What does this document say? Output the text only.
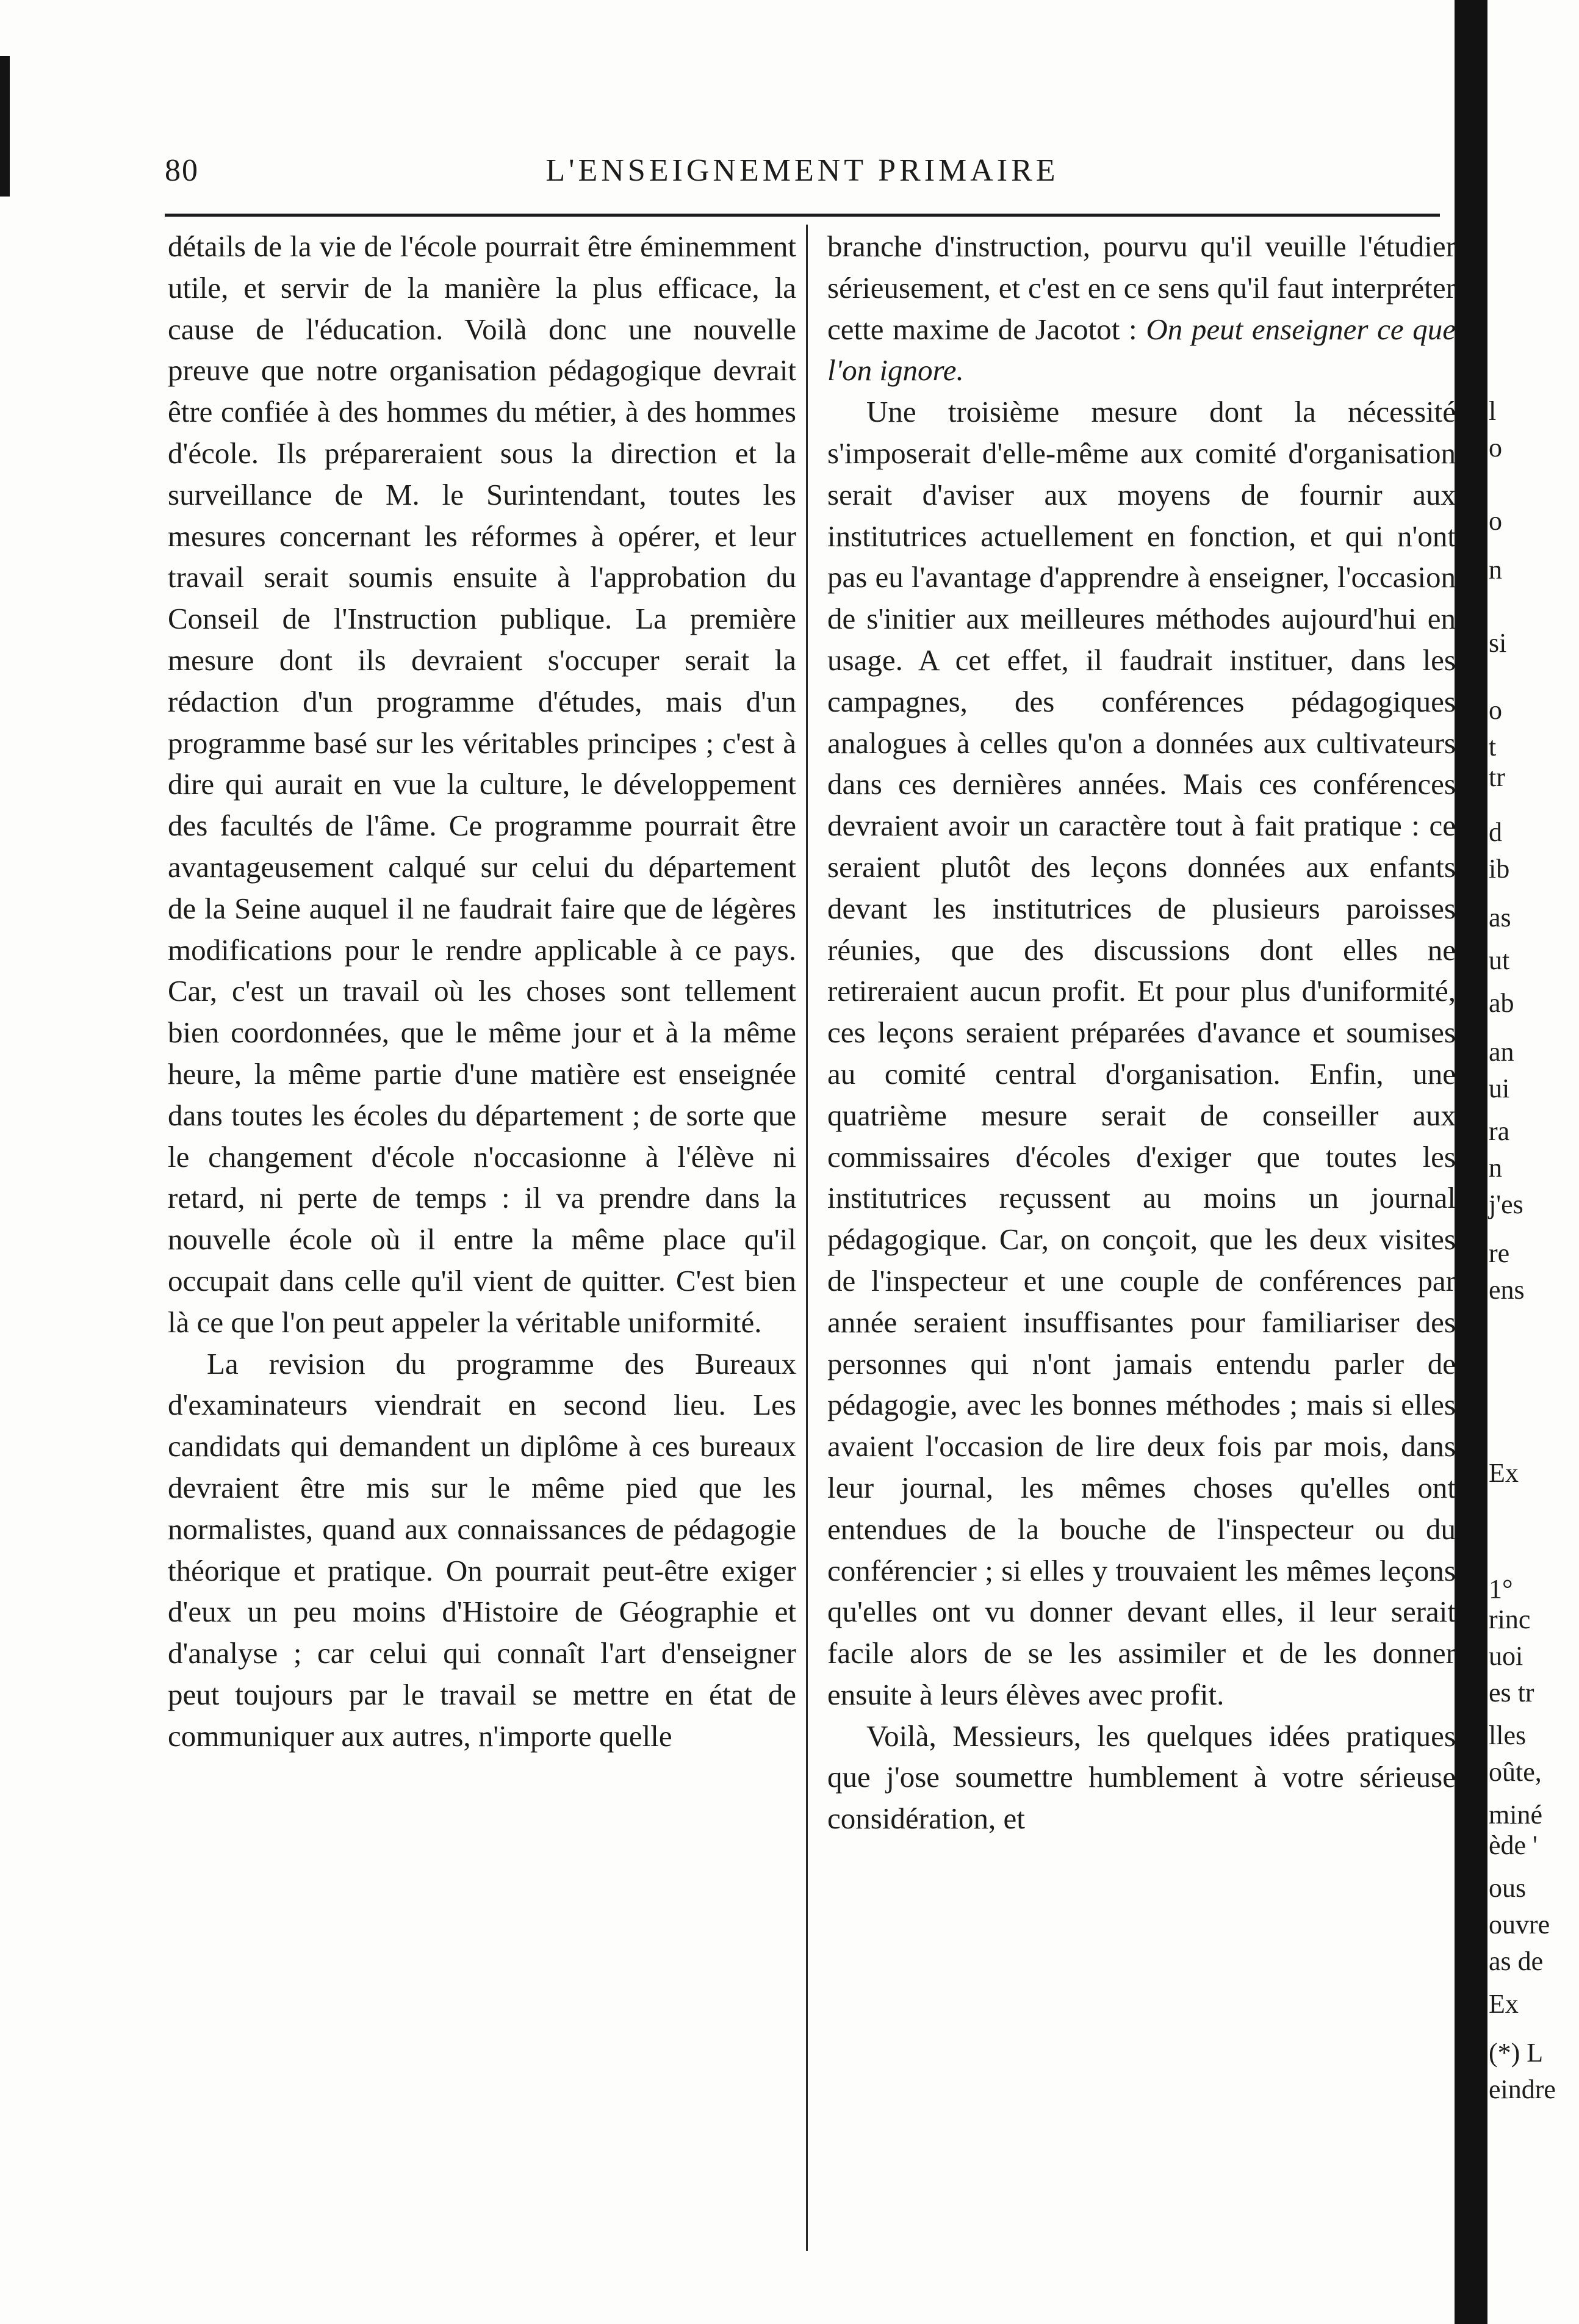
80	L'ENSEIGNEMENT PRIMAIRE

détails de la vie de l'école pourrait être éminemment utile, et servir de la manière la plus efficace, la cause de l'éducation. Voilà donc une nouvelle preuve que notre organisation pédagogique devrait être confiée à des hommes du métier, à des hommes d'école. Ils prépareraient sous la direction et la surveillance de M. le Surintendant, toutes les mesures concernant les réformes à opérer, et leur travail serait soumis ensuite à l'approbation du Conseil de l'Instruction publique. La première mesure dont ils devraient s'occuper serait la rédaction d'un programme d'études, mais d'un programme basé sur les véritables principes ; c'est à dire qui aurait en vue la culture, le développement des facultés de l'âme. Ce programme pourrait être avantageusement calqué sur celui du département de la Seine auquel il ne faudrait faire que de légères modifications pour le rendre applicable à ce pays. Car, c'est un travail où les choses sont tellement bien coordonnées, que le même jour et à la même heure, la même partie d'une matière est enseignée dans toutes les écoles du département ; de sorte que le changement d'école n'occasionne à l'élève ni retard, ni perte de temps : il va prendre dans la nouvelle école où il entre la même place qu'il occupait dans celle qu'il vient de quitter. C'est bien là ce que l'on peut appeler la véritable uniformité.

La revision du programme des Bureaux d'examinateurs viendrait en second lieu. Les candidats qui demandent un diplôme à ces bureaux devraient être mis sur le même pied que les normalistes, quand aux connaissances de pédagogie théorique et pratique. On pourrait peut-être exiger d'eux un peu moins d'Histoire de Géographie et d'analyse ; car celui qui connaît l'art d'enseigner peut toujours par le travail se mettre en état de communiquer aux autres, n'importe quelle

branche d'instruction, pourvu qu'il veuille l'étudier sérieusement, et c'est en ce sens qu'il faut interpréter cette maxime de Jacotot : On peut enseigner ce que l'on ignore.

Une troisième mesure dont la nécessité s'imposerait d'elle-même aux comité d'organisation serait d'aviser aux moyens de fournir aux institutrices actuellement en fonction, et qui n'ont pas eu l'avantage d'apprendre à enseigner, l'occasion de s'initier aux meilleures méthodes aujourd'hui en usage. A cet effet, il faudrait instituer, dans les campagnes, des conférences pédagogiques analogues à celles qu'on a données aux cultivateurs dans ces dernières années. Mais ces conférences devraient avoir un caractère tout à fait pratique : ce seraient plutôt des leçons données aux enfants devant les institutrices de plusieurs paroisses réunies, que des discussions dont elles ne retireraient aucun profit. Et pour plus d'uniformité, ces leçons seraient préparées d'avance et soumises au comité central d'organisation. Enfin, une quatrième mesure serait de conseiller aux commissaires d'écoles d'exiger que toutes les institutrices reçussent au moins un journal pédagogique. Car, on conçoit, que les deux visites de l'inspecteur et une couple de conférences par année seraient insuffisantes pour familiariser des personnes qui n'ont jamais entendu parler de pédagogie, avec les bonnes méthodes ; mais si elles avaient l'occasion de lire deux fois par mois, dans leur journal, les mêmes choses qu'elles ont entendues de la bouche de l'inspecteur ou du conférencier ; si elles y trouvaient les mêmes leçons qu'elles ont vu donner devant elles, il leur serait facile alors de se les assimiler et de les donner ensuite à leurs élèves avec profit.

Voilà, Messieurs, les quelques idées pratiques que j'ose soumettre humblement à votre sérieuse considération, et

l
o
o
n
si
o
t
tr
d
ib
as
ut
ab
an
ui
ra
n
j'es
re
ens
Ex
1°
rinc
uoi
es tr
lles
oûte,
miné
ède '
ous
ouvre
as de
Ex
(*) L
eindre
